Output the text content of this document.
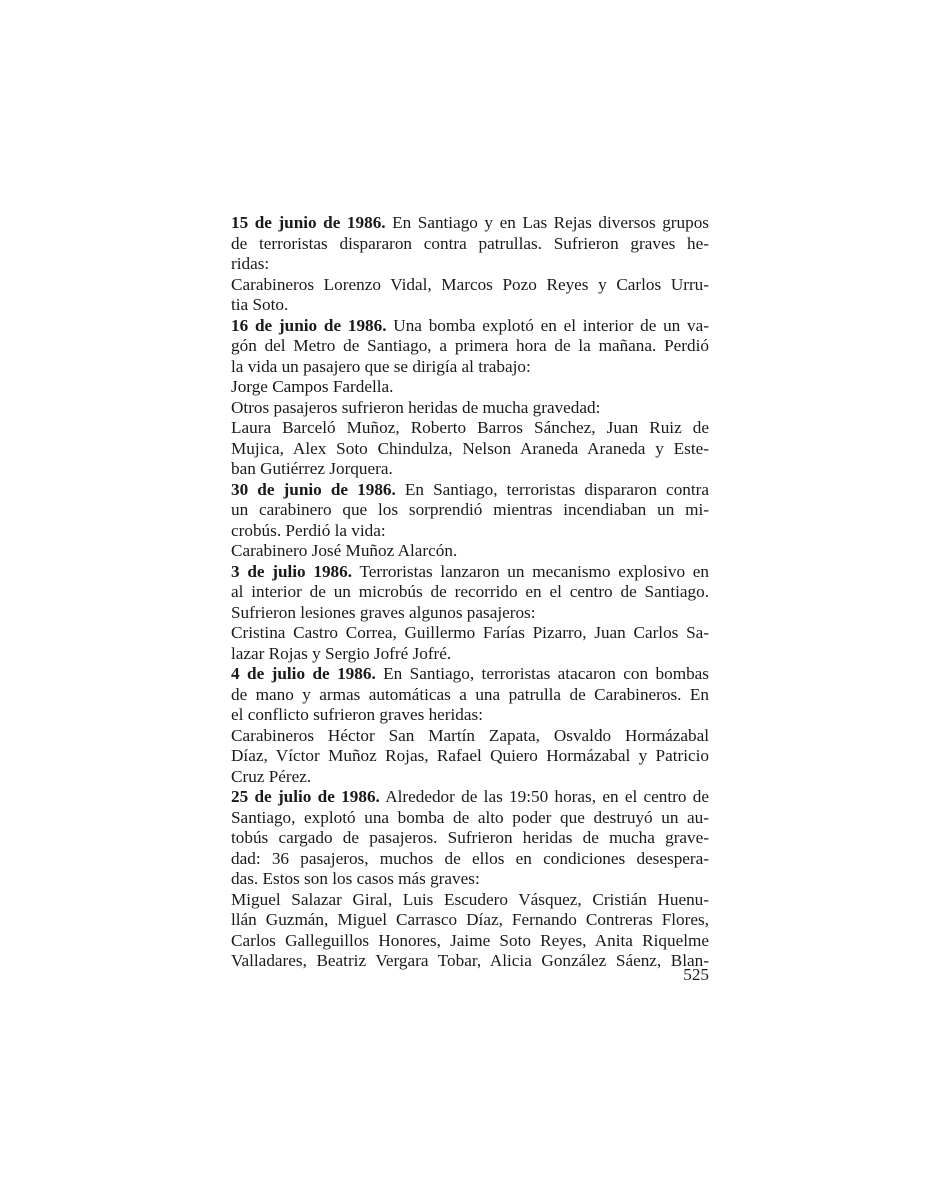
15 de junio de 1986. En Santiago y en Las Rejas diversos grupos
de terroristas dispararon contra patrullas. Sufrieron graves he-
ridas:
Carabineros Lorenzo Vidal, Marcos Pozo Reyes y Carlos Urru-
tia Soto.
16 de junio de 1986. Una bomba explotó en el interior de un va-
gón del Metro de Santiago, a primera hora de la mañana. Perdió
la vida un pasajero que se dirigía al trabajo:
Jorge Campos Fardella.
Otros pasajeros sufrieron heridas de mucha gravedad:
Laura Barceló Muñoz, Roberto Barros Sánchez, Juan Ruiz de
Mujica, Alex Soto Chindulza, Nelson Araneda Araneda y Este-
ban Gutiérrez Jorquera.
30 de junio de 1986. En Santiago, terroristas dispararon contra
un carabinero que los sorprendió mientras incendiaban un mi-
crobús. Perdió la vida:
Carabinero José Muñoz Alarcón.
3 de julio 1986. Terroristas lanzaron un mecanismo explosivo en
al interior de un microbús de recorrido en el centro de Santiago.
Sufrieron lesiones graves algunos pasajeros:
Cristina Castro Correa, Guillermo Farías Pizarro, Juan Carlos Sa-
lazar Rojas y Sergio Jofré Jofré.
4 de julio de 1986. En Santiago, terroristas atacaron con bombas
de mano y armas automáticas a una patrulla de Carabineros. En
el conflicto sufrieron graves heridas:
Carabineros Héctor San Martín Zapata, Osvaldo Hormázabal
Díaz, Víctor Muñoz Rojas, Rafael Quiero Hormázabal y Patricio
Cruz Pérez.
25 de julio de 1986. Alrededor de las 19:50 horas, en el centro de
Santiago, explotó una bomba de alto poder que destruyó un au-
tobús cargado de pasajeros. Sufrieron heridas de mucha grave-
dad: 36 pasajeros, muchos de ellos en condiciones desespera-
das. Estos son los casos más graves:
Miguel Salazar Giral, Luis Escudero Vásquez, Cristián Huenu-
llán Guzmán, Miguel Carrasco Díaz, Fernando Contreras Flores,
Carlos Galleguillos Honores, Jaime Soto Reyes, Anita Riquelme
Valladares, Beatriz Vergara Tobar, Alicia González Sáenz, Blan-
525
